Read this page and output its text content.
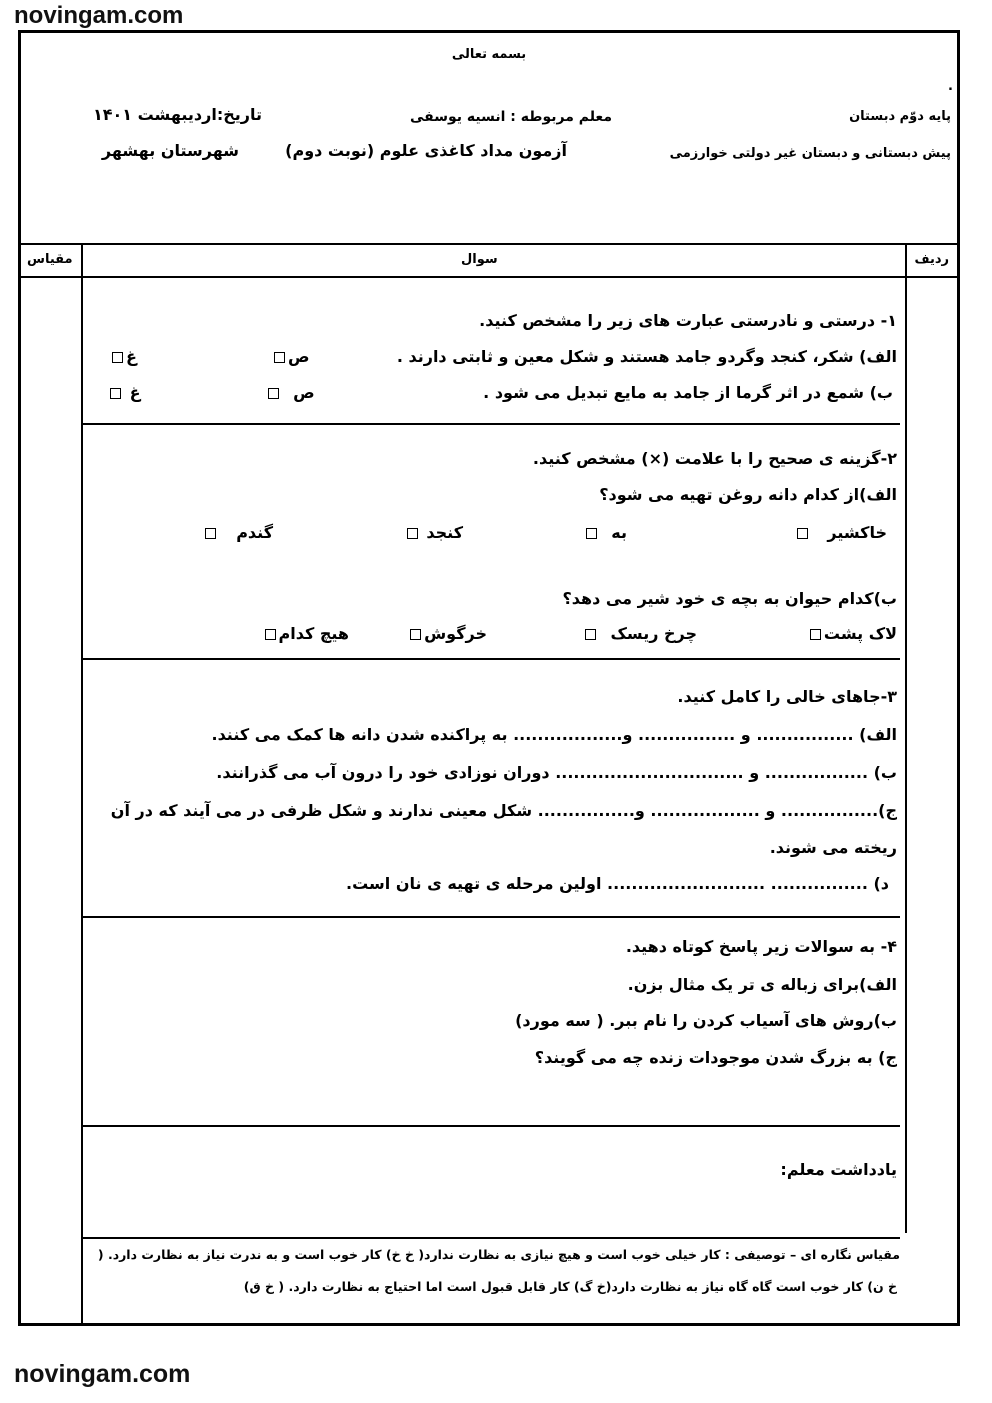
novingam.com
بسمه تعالی
.
پایه دوّم دبستان
معلم مربوطه : انسیه یوسفی
تاریخ:اردیبهشت ۱۴۰۱
پیش دبستانی و دبستان غیر دولتی خوارزمی
آزمون مداد کاغذی علوم (نوبت دوم)
شهرستان بهشهر
ردیف
سوال
مقیاس
۱- درستی و نادرستی عبارت های زیر را مشخص کنید.
الف) شکر، کنجد وگردو جامد هستند و شکل معین و ثابتی دارند .
ص
غ
ب) شمع در اثر گرما از جامد به مایع تبدیل می شود .
ص
غ
۲-گزینه ی صحیح را با علامت (×) مشخص کنید.
الف)از کدام دانه روغن تهیه می شود؟
خاکشیر
به
کنجد
گندم
ب)کدام حیوان به بچه ی خود شیر می دهد؟
لاک پشت
چرخ ریسک
خرگوش
هیچ کدام
۳-جاهای خالی را کامل کنید.
الف) ................ و ................ و.................. به پراکنده شدن دانه ها کمک می کنند.
ب) ................. و ............................... دوران نوزادی خود را درون آب می گذرانند.
ج)................ و .................. و................ شکل معینی ندارند و شکل ظرفی در می آیند که در آن
ریخته می شوند.
د) ................ .......................... اولین مرحله ی تهیه ی نان است.
۴- به سوالات زیر پاسخ کوتاه دهید.
الف)برای زباله ی تر یک مثال بزن.
ب)روش های آسیاب کردن را نام ببر. ( سه مورد)
ج) به بزرگ شدن موجودات زنده چه می گویند؟
یادداشت معلم:
مقیاس نگاره ای – توصیفی : کار خیلی خوب است و هیچ نیازی به نظارت ندارد( خ خ) کار خوب است و به ندرت نیاز به نظارت دارد. (
خ ن) کار خوب است گاه گاه نیاز به نظارت دارد(خ گ) کار قابل قبول است اما احتیاج به نظارت دارد. ( خ ق)
novingam.com
